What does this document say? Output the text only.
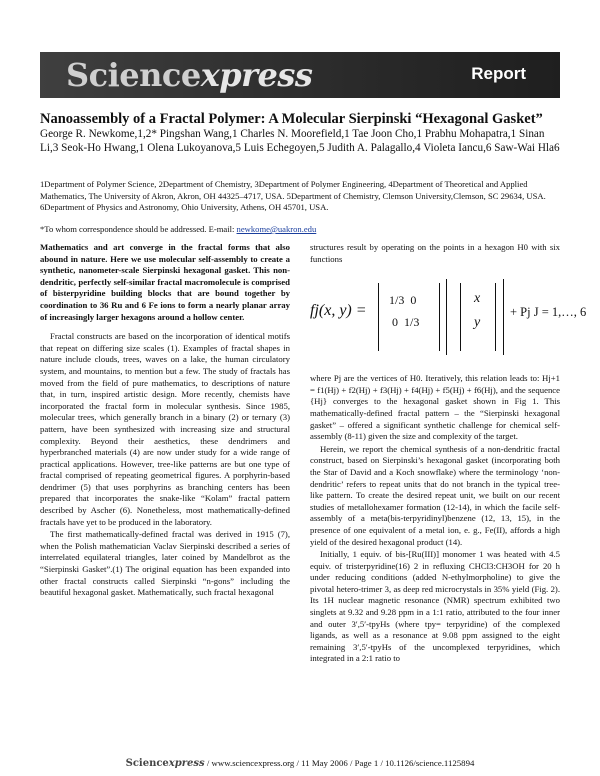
Sciencexpress	Report
Nanoassembly of a Fractal Polymer: A Molecular Sierpinski “Hexagonal Gasket”
George R. Newkome,1,2* Pingshan Wang,1 Charles N. Moorefield,1 Tae Joon Cho,1 Prabhu Mohapatra,1 Sinan Li,3 Seok-Ho Hwang,1 Olena Lukoyanova,5 Luis Echegoyen,5 Judith A. Palagallo,4 Violeta Iancu,6 Saw-Wai Hla6
1Department of Polymer Science, 2Department of Chemistry, 3Department of Polymer Engineering, 4Department of Theoretical and Applied Mathematics, The University of Akron, Akron, OH 44325–4717, USA. 5Department of Chemistry, Clemson University,Clemson, SC 29634, USA. 6Department of Physics and Astronomy, Ohio University, Athens, OH 45701, USA.
*To whom correspondence should be addressed. E-mail: newkome@uakron.edu

Mathematics and art converge in the fractal forms that also abound in nature. Here we use molecular self-assembly to create a synthetic, nanometer-scale Sierpinski hexagonal gasket. This non-dendritic, perfectly self-similar fractal macromolecule is comprised of bisterpyridine building blocks that are bound together by coordination to 36 Ru and 6 Fe ions to form a nearly planar array of increasingly larger hexagons around a hollow center.

Fractal constructs are based on the incorporation of identical motifs that repeat on differing size scales (1). Examples of fractal shapes in nature include clouds, trees, waves on a lake, the human circulatory system, and mountains, to mention but a few. The study of fractals has moved from the field of pure mathematics, to descriptions of nature that, in turn, inspired artistic design. More recently, chemists have incorporated the fractal form in molecular synthesis. Since 1985, molecular trees, which generally branch in a binary (2) or ternary (3) pattern, have been synthesized with increasing size and structural complexity. Beyond their aesthetics, these dendrimers and hyperbranched materials (4) are now under study for a wide range of practical applications. However, tree-like patterns are but one type of fractal comprised of repeating geometrical figures. A porphyrin-based dendrimer (5) that uses porphyrins as branching centers has been prepared that incorporates the snake-like “Kolam” fractal pattern described by Ascher (6). Nonetheless, most mathematically-defined fractals have yet to be produced in the laboratory.

The first mathematically-defined fractal was derived in 1915 (7), when the Polish mathematician Vaclav Sierpinski described a series of interrelated equilateral triangles, later coined by Mandelbrot as the “Sierpinski Gasket”.(1) The original equation has been expanded into other fractal constructs called Sierpinski “n-gons” including the beautiful hexagonal gasket. Mathematically, such fractal hexagonal

structures result by operating on the points in a hexagon H0 with six functions

fj(x, y) =
1/3 0
0 1/3
x
y
+ Pj J = 1,…, 6

where Pj are the vertices of H0. Iteratively, this relation leads to: Hj+1 = f1(Hj) + f2(Hj) + f3(Hj) + f4(Hj) + f5(Hj) + f6(Hj), and the sequence {Hj} converges to the hexagonal gasket shown in Fig 1. This mathematically-defined fractal pattern – the “Sierpinski hexagonal gasket” – offered a significant synthetic challenge for chemical self-assembly (8-11) given the size and complexity of the target.

Herein, we report the chemical synthesis of a non-dendritic fractal construct, based on Sierpinski’s hexagonal gasket (incorporating both the Star of David and a Koch snowflake) where the terminology ‘non-dendritic’ refers to repeat units that do not branch in the typical tree-like pattern. To create the desired repeat unit, we built on our recent studies of metallohexamer formation (12-14), in which the facile self-assembly of a meta(bis-terpyridinyl)benzene (12, 13, 15), in the presence of one equivalent of a metal ion, e. g., Fe(II), affords a high yield of the desired hexagonal product (14).

Initially, 1 equiv. of bis-[Ru(III)] monomer 1 was heated with 4.5 equiv. of tristerpyridine(16) 2 in refluxing CHCl3:CH3OH for 20 h under reducing conditions (added N-ethylmorpholine) to give the pivotal hetero-trimer 3, as deep red microcrystals in 35% yield (Fig. 2). Its 1H nuclear magnetic resonance (NMR) spectrum exhibited two singlets at 9.32 and 9.28 ppm in a 1:1 ratio, attributed to the four inner and outer 3′,5′-tpyHs (where tpy= terpyridine) of the complexed ligands, as well as a resonance at 9.08 ppm assigned to the eight remaining 3′,5′-tpyHs of the uncomplexed terpyridines, which integrated in a 2:1 ratio to

Sciencexpress / www.sciencexpress.org / 11 May 2006 / Page 1 / 10.1126/science.1125894
